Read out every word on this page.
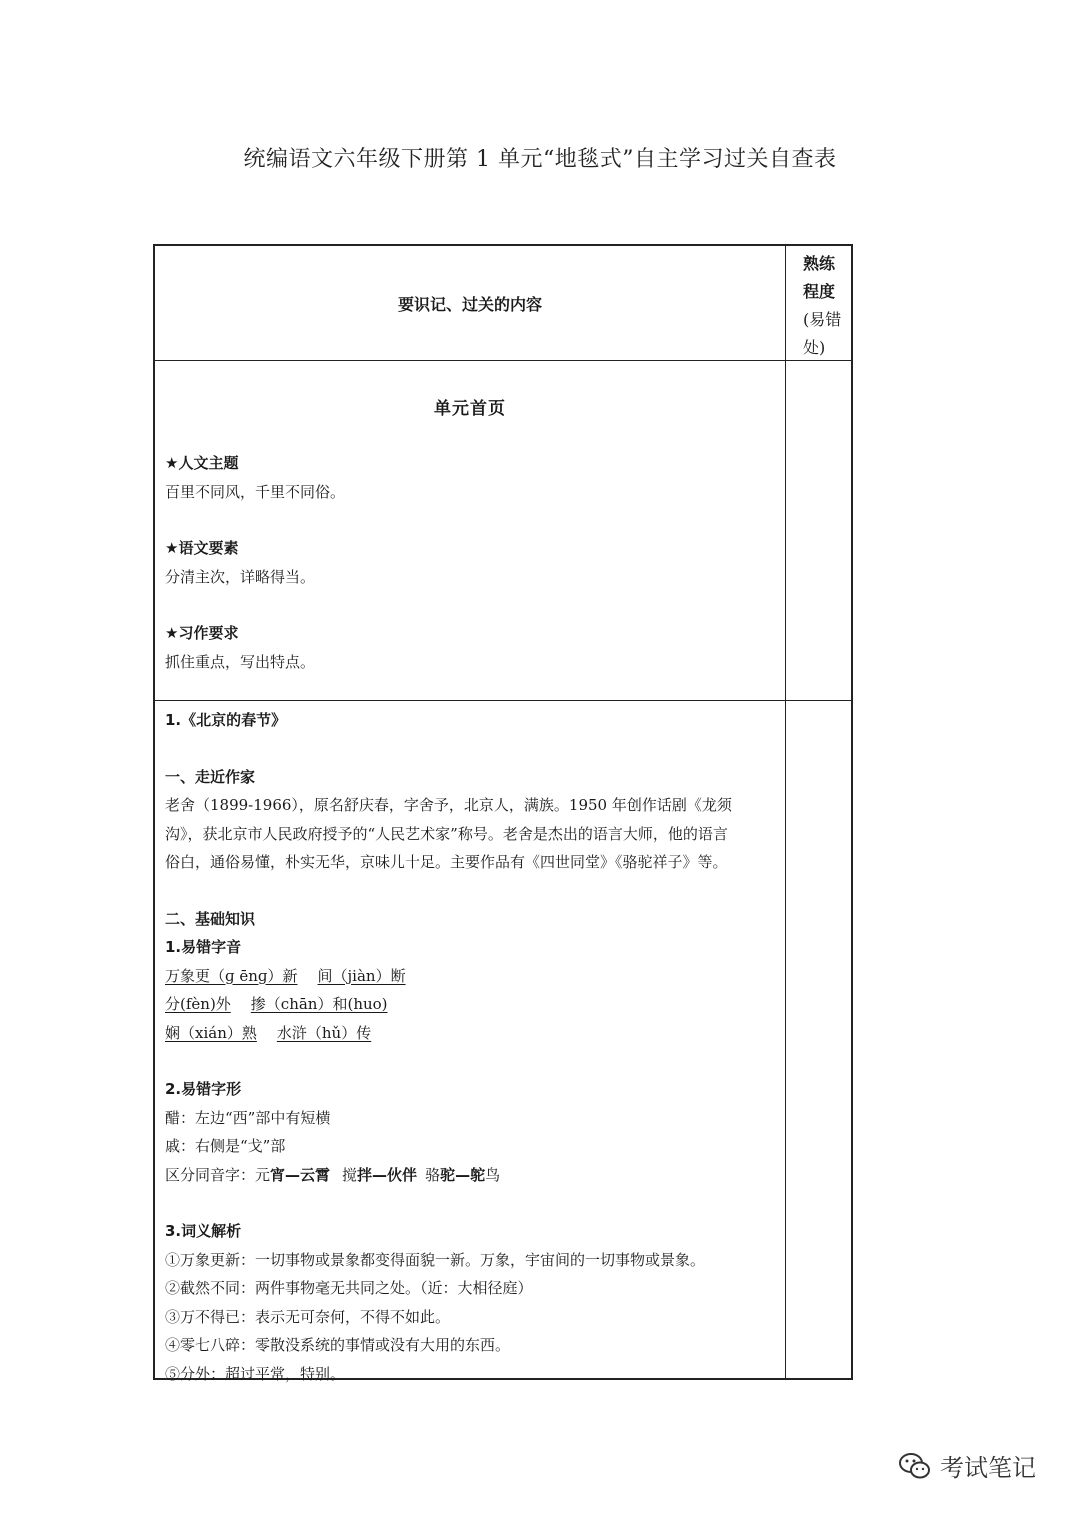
统编语文六年级下册第 1 单元“地毯式”自主学习过关自查表
要识记、过关的内容
熟练
程度
(易错
处)
单元首页
★人文主题
百里不同风，千里不同俗。
★语文要素
分清主次，详略得当。
★习作要求
抓住重点，写出特点。
1.《北京的春节》
一、走近作家
老舍（1899-1966），原名舒庆春，字舍予，北京人，满族。1950 年创作话剧《龙须
沟》，获北京市人民政府授予的“人民艺术家”称号。老舍是杰出的语言大师，他的语言
俗白，通俗易懂，朴实无华，京味儿十足。主要作品有《四世同堂》《骆驼祥子》等。
二、基础知识
1.易错字音
万象更（ɡ ēnɡ）新 间（jiàn）断
分(fèn)外 掺（chān）和(huo)
娴（xián）熟 水浒（hǔ）传
2.易错字形
醋：左边“西”部中有短横
戚：右侧是“戈”部
区分同音字：元宵—云霄 搅拌—伙伴 骆驼—鸵鸟
3.词义解析
①万象更新：一切事物或景象都变得面貌一新。万象，宇宙间的一切事物或景象。
②截然不同：两件事物毫无共同之处。（近：大相径庭）
③万不得已：表示无可奈何，不得不如此。
④零七八碎：零散没系统的事情或没有大用的东西。
⑤分外：超过平常，特别。
考试笔记
